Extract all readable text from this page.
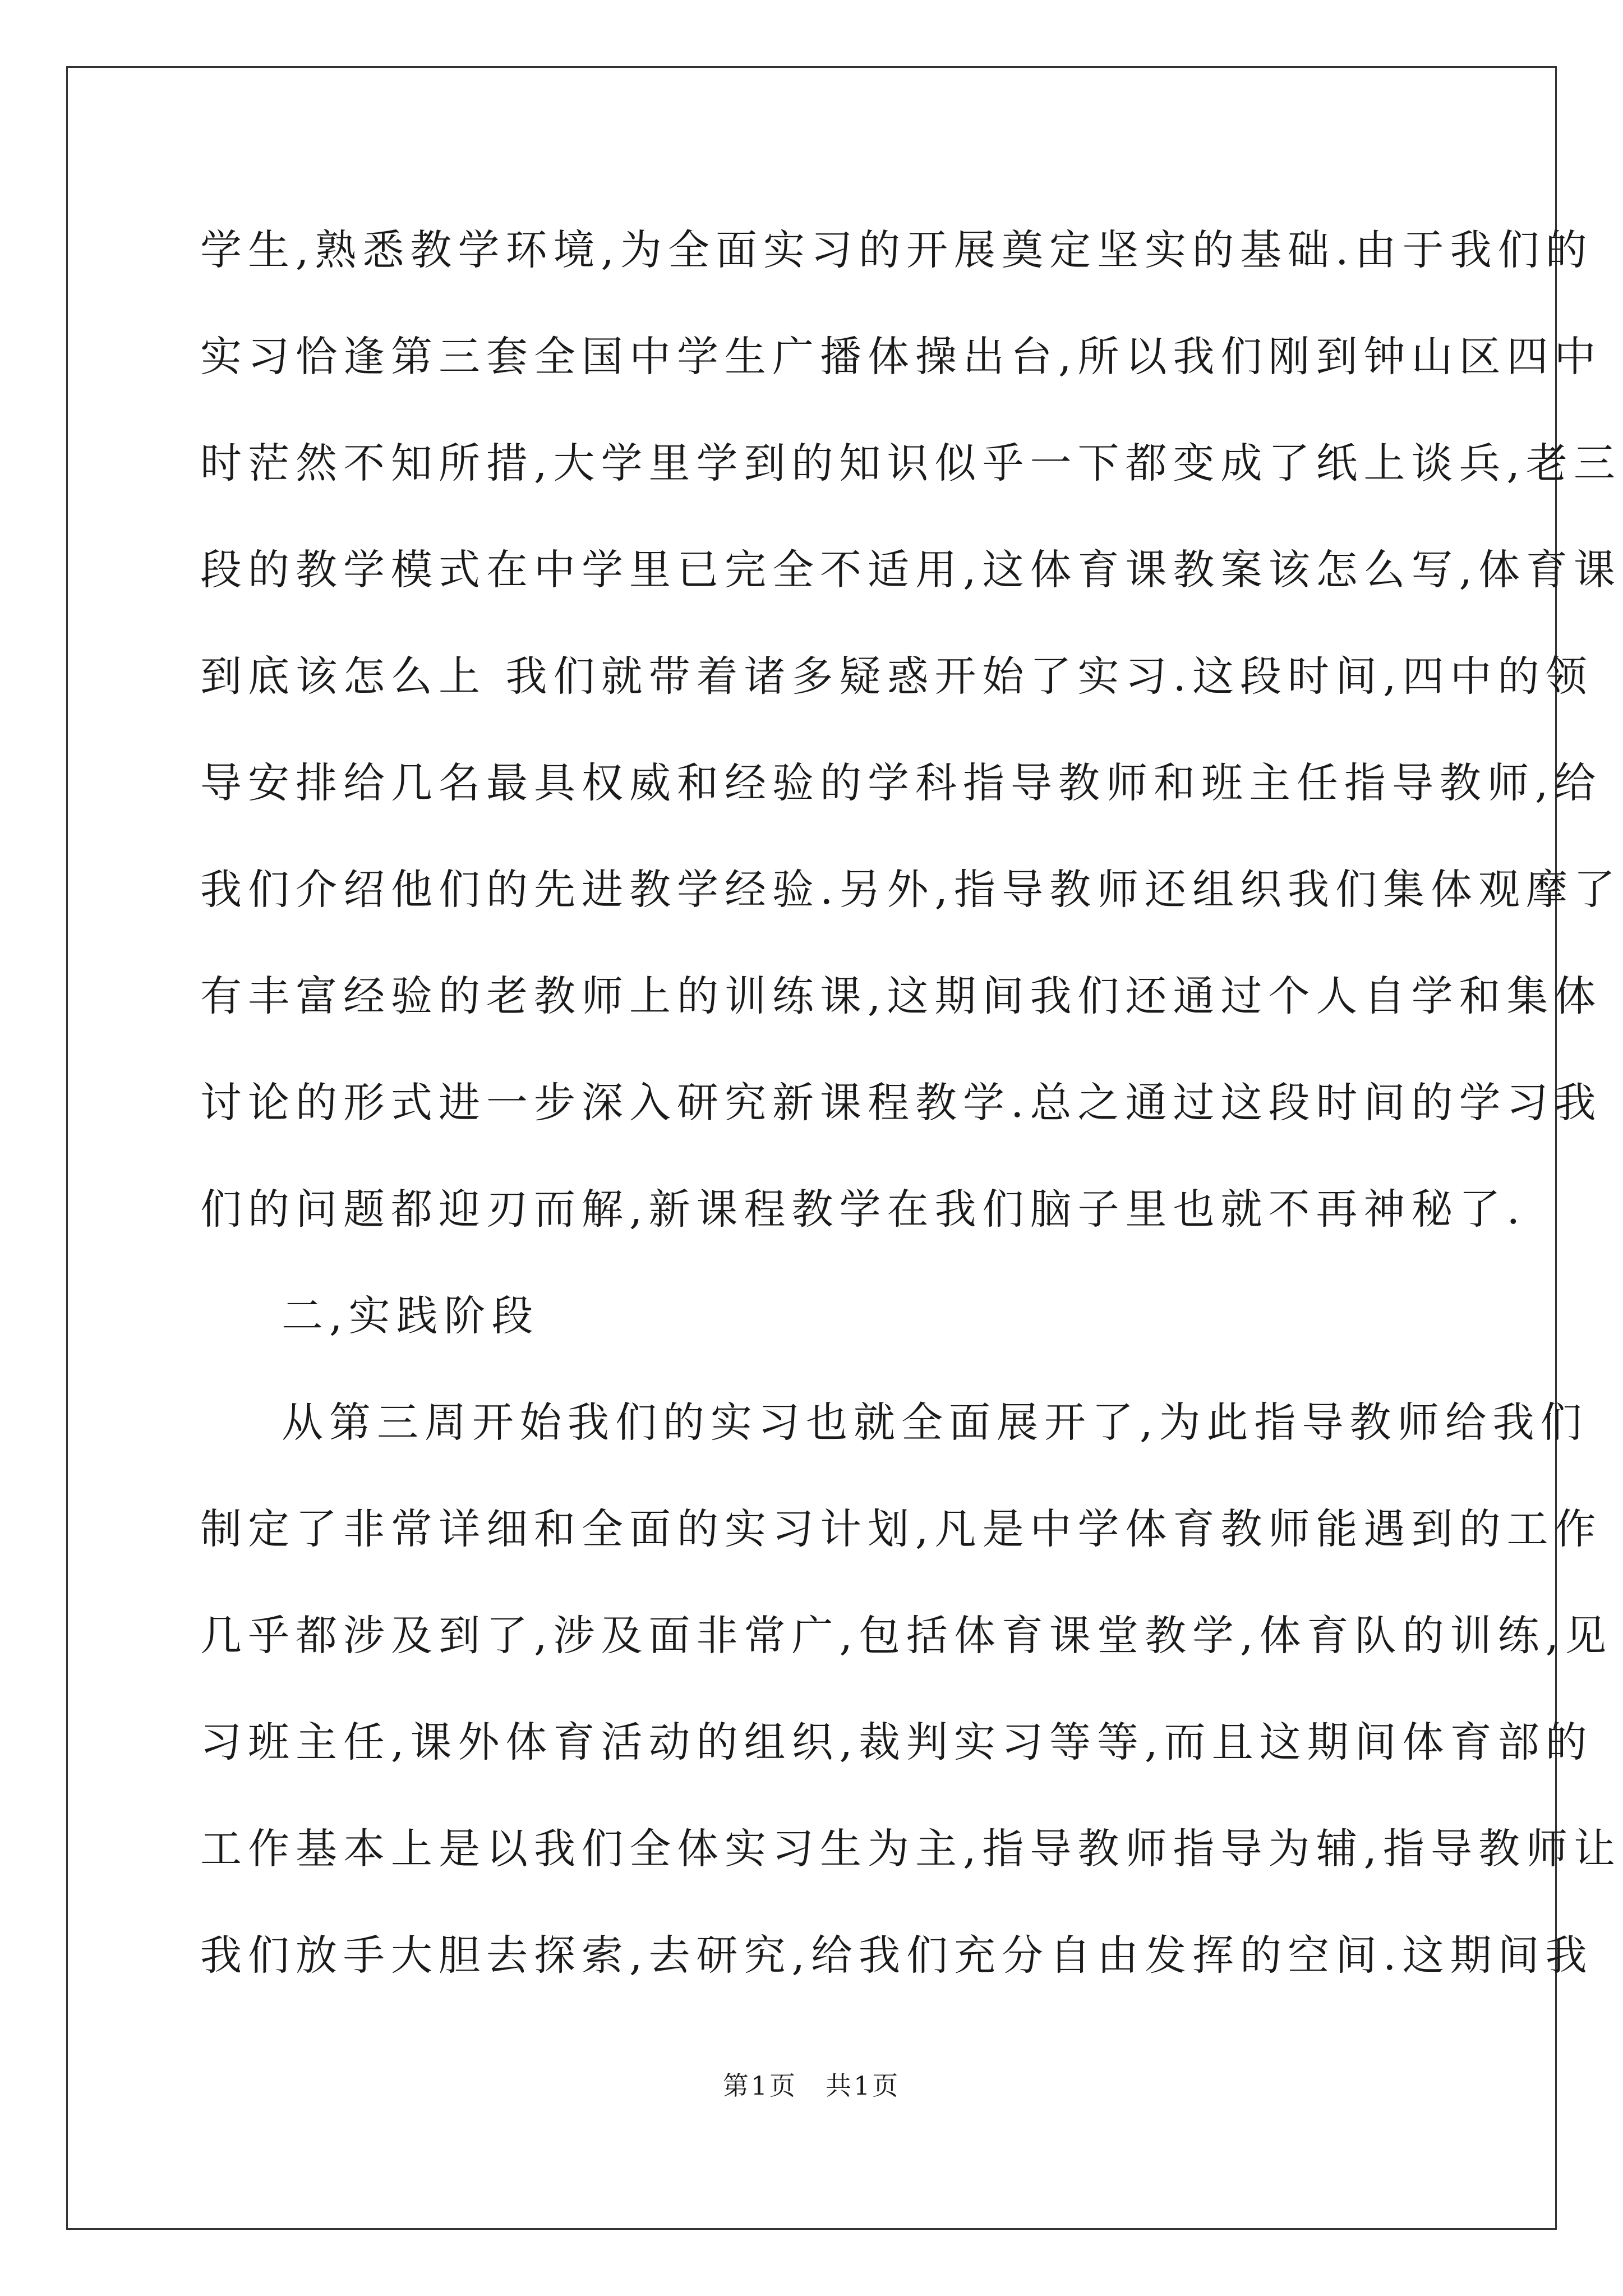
学生,熟悉教学环境,为全面实习的开展奠定坚实的基础.由于我们的
实习恰逢第三套全国中学生广播体操出台,所以我们刚到钟山区四中
时茫然不知所措,大学里学到的知识似乎一下都变成了纸上谈兵,老三
段的教学模式在中学里已完全不适用,这体育课教案该怎么写,体育课
到底该怎么上 我们就带着诸多疑惑开始了实习.这段时间,四中的领
导安排给几名最具权威和经验的学科指导教师和班主任指导教师,给
我们介绍他们的先进教学经验.另外,指导教师还组织我们集体观摩了
有丰富经验的老教师上的训练课,这期间我们还通过个人自学和集体
讨论的形式进一步深入研究新课程教学.总之通过这段时间的学习我
们的问题都迎刃而解,新课程教学在我们脑子里也就不再神秘了.
二,实践阶段
从第三周开始我们的实习也就全面展开了,为此指导教师给我们
制定了非常详细和全面的实习计划,凡是中学体育教师能遇到的工作
几乎都涉及到了,涉及面非常广,包括体育课堂教学,体育队的训练,见
习班主任,课外体育活动的组织,裁判实习等等,而且这期间体育部的
工作基本上是以我们全体实习生为主,指导教师指导为辅,指导教师让
我们放手大胆去探索,去研究,给我们充分自由发挥的空间.这期间我
第1页　共1页
